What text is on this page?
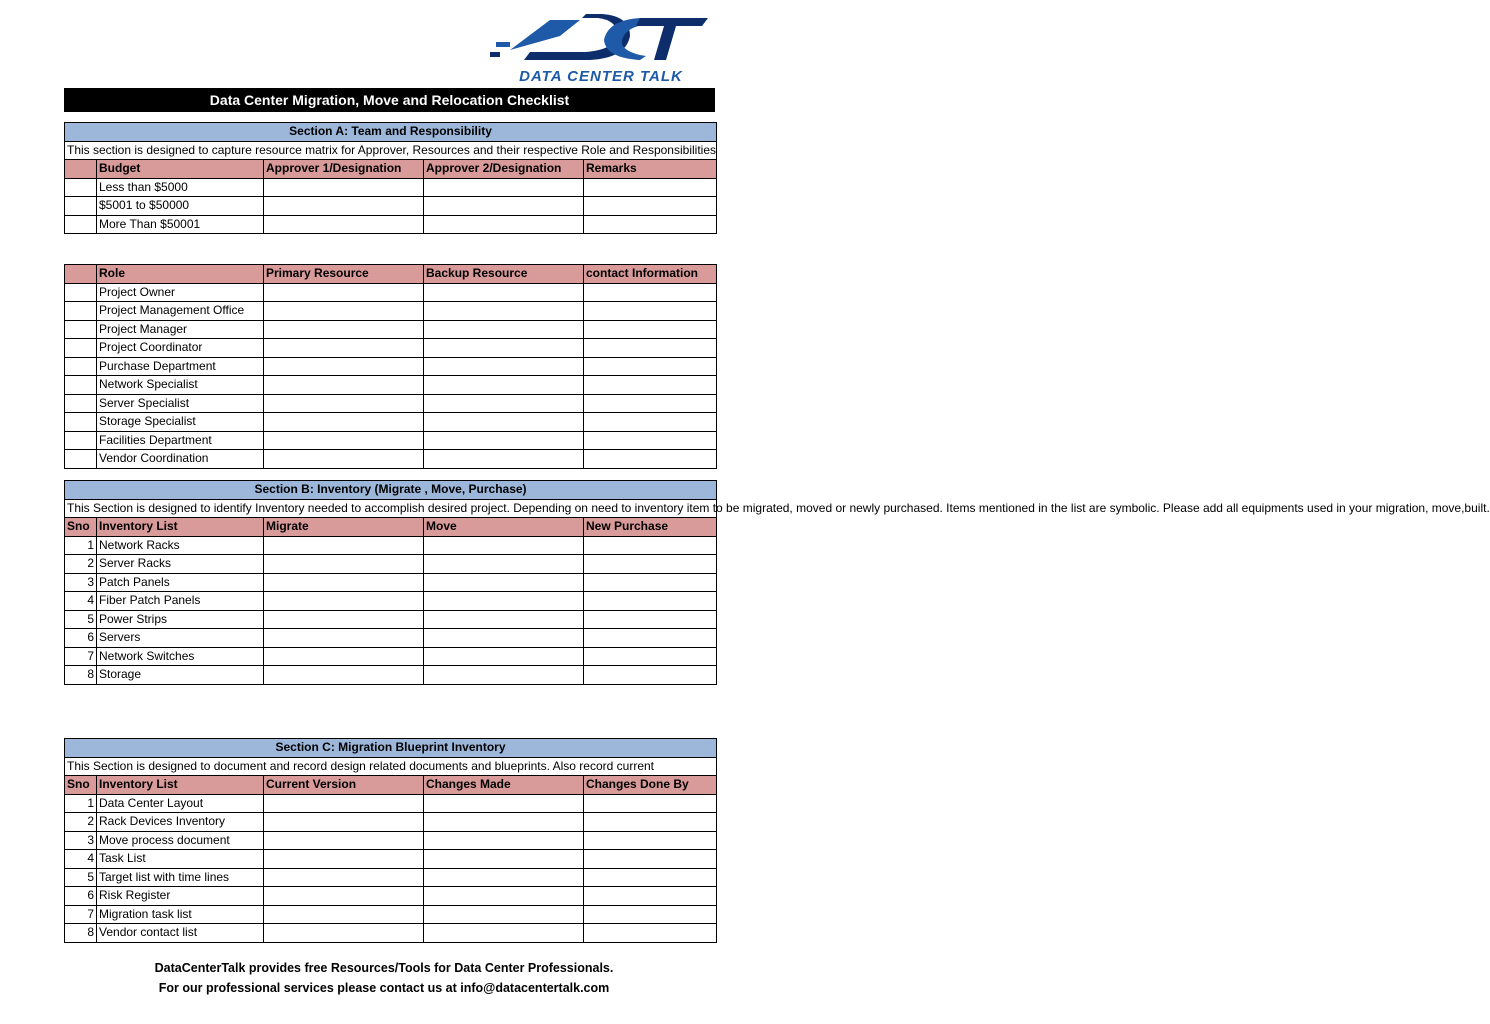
DATA CENTER TALK
Data Center Migration, Move and Relocation Checklist
Section A: Team and Responsibility				
This section is designed to capture resource matrix for Approver, Resources and their respective Role and Responsibilities				
	Budget	Approver 1/Designation	Approver 2/Designation	Remarks
	Less than $5000			
	$5001 to $50000			
	More Than $50001			
	Role	Primary Resource	Backup Resource	contact Information
	Project Owner			
	Project Management Office			
	Project Manager			
	Project Coordinator			
	Purchase Department			
	Network Specialist			
	Server Specialist			
	Storage Specialist			
	Facilities Department			
	Vendor Coordination			
Section B: Inventory (Migrate , Move, Purchase)				
This Section is designed to identify Inventory needed to accomplish desired project. Depending on need to inventory item to be migrated, moved or newly purchased. Items mentioned in the list are symbolic. Please add all equipments used in your migration, move,built.				
Sno	Inventory List	Migrate	Move	New Purchase
1	Network Racks			
2	Server Racks			
3	Patch Panels			
4	Fiber Patch Panels			
5	Power Strips			
6	Servers			
7	Network Switches			
8	Storage			
Section C: Migration Blueprint Inventory				
This Section is designed to document and record design related documents and blueprints. Also record current				
Sno	Inventory List	Current Version	Changes Made	Changes Done By
1	Data Center Layout			
2	Rack Devices Inventory			
3	Move process document			
4	Task List			
5	Target list with time lines			
6	Risk Register			
7	Migration task list			
8	Vendor contact list			
DataCenterTalk provides free Resources/Tools for Data Center Professionals.
For our professional services please contact us at info@datacentertalk.com
